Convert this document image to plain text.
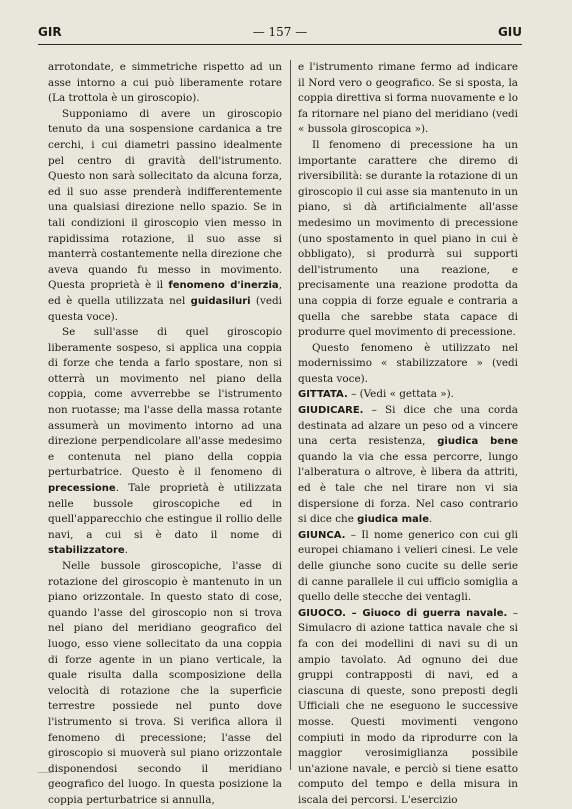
GIR	— 157 —	GIU

arrotondate, e simmetriche rispetto ad un asse intorno a cui può liberamente rotare (La trottola è un giroscopio).

Supponiamo di avere un giroscopio tenuto da una sospensione cardanica a tre cerchi, i cui diametri passino idealmente pel centro di gravità dell'istrumento. Questo non sarà sollecitato da alcuna forza, ed il suo asse prenderà indifferentemente una qualsiasi direzione nello spazio. Se in tali condizioni il giroscopio vien messo in rapidissima rotazione, il suo asse si manterrà costantemente nella direzione che aveva quando fu messo in movimento. Questa proprietà è il fenomeno d'inerzia, ed è quella utilizzata nel guidasiluri (vedi questa voce).

Se sull'asse di quel giroscopio liberamente sospeso, si applica una coppia di forze che tenda a farlo spostare, non si otterrà un movimento nel piano della coppia, come avverrebbe se l'istrumento non ruotasse; ma l'asse della massa rotante assumerà un movimento intorno ad una direzione perpendicolare all'asse medesimo e contenuta nel piano della coppia perturbatrice. Questo è il fenomeno di precessione. Tale proprietà è utilizzata nelle bussole giroscopiche ed in quell'apparecchio che estingue il rollio delle navi, a cui si è dato il nome di stabilizzatore.

Nelle bussole giroscopiche, l'asse di rotazione del giroscopio è mantenuto in un piano orizzontale. In questo stato di cose, quando l'asse del giroscopio non si trova nel piano del meridiano geografico del luogo, esso viene sollecitato da una coppia di forze agente in un piano verticale, la quale risulta dalla scomposizione della velocità di rotazione che la superficie terrestre possiede nel punto dove l'istrumento si trova. Si verifica allora il fenomeno di precessione; l'asse del giroscopio si muoverà sul piano orizzontale disponendosi secondo il meridiano geografico del luogo. In questa posizione la coppia perturbatrice si annulla,

e l'istrumento rimane fermo ad indicare il Nord vero o geografico. Se si sposta, la coppia direttiva si forma nuovamente e lo fa ritornare nel piano del meridiano (vedi « bussola giroscopica »).

Il fenomeno di precessione ha un importante carattere che diremo di riversibilità: se durante la rotazione di un giroscopio il cui asse sia mantenuto in un piano, si dà artificialmente all'asse medesimo un movimento di precessione (uno spostamento in quel piano in cui è obbligato), si produrrà sui supporti dell'istrumento una reazione, e precisamente una reazione prodotta da una coppia di forze eguale e contraria a quella che sarebbe stata capace di produrre quel movimento di precessione.

Questo fenomeno è utilizzato nel modernissimo « stabilizzatore » (vedi questa voce).

GITTATA. – (Vedi « gettata »).

GIUDICARE. – Si dice che una corda destinata ad alzare un peso od a vincere una certa resistenza, giudica bene quando la via che essa percorre, lungo l'alberatura o altrove, è libera da attriti, ed è tale che nel tirare non vi sia dispersione di forza. Nel caso contrario si dice che giudica male.

GIUNCA. – Il nome generico con cui gli europei chiamano i velieri cinesi. Le vele delle giunche sono cucite su delle serie di canne parallele il cui ufficio somiglia a quello delle stecche dei ventagli.

GIUOCO. – Giuoco di guerra navale. – Simulacro di azione tattica navale che si fa con dei modellini di navi su di un ampio tavolato. Ad ognuno dei due gruppi contrapposti di navi, ed a ciascuna di queste, sono preposti degli Ufficiali che ne eseguono le successive mosse. Questi movimenti vengono compiuti in modo da riprodurre con la maggior verosimiglianza possibile un'azione navale, e perciò si tiene esatto computo del tempo e della misura in iscala dei percorsi. L'esercizio
